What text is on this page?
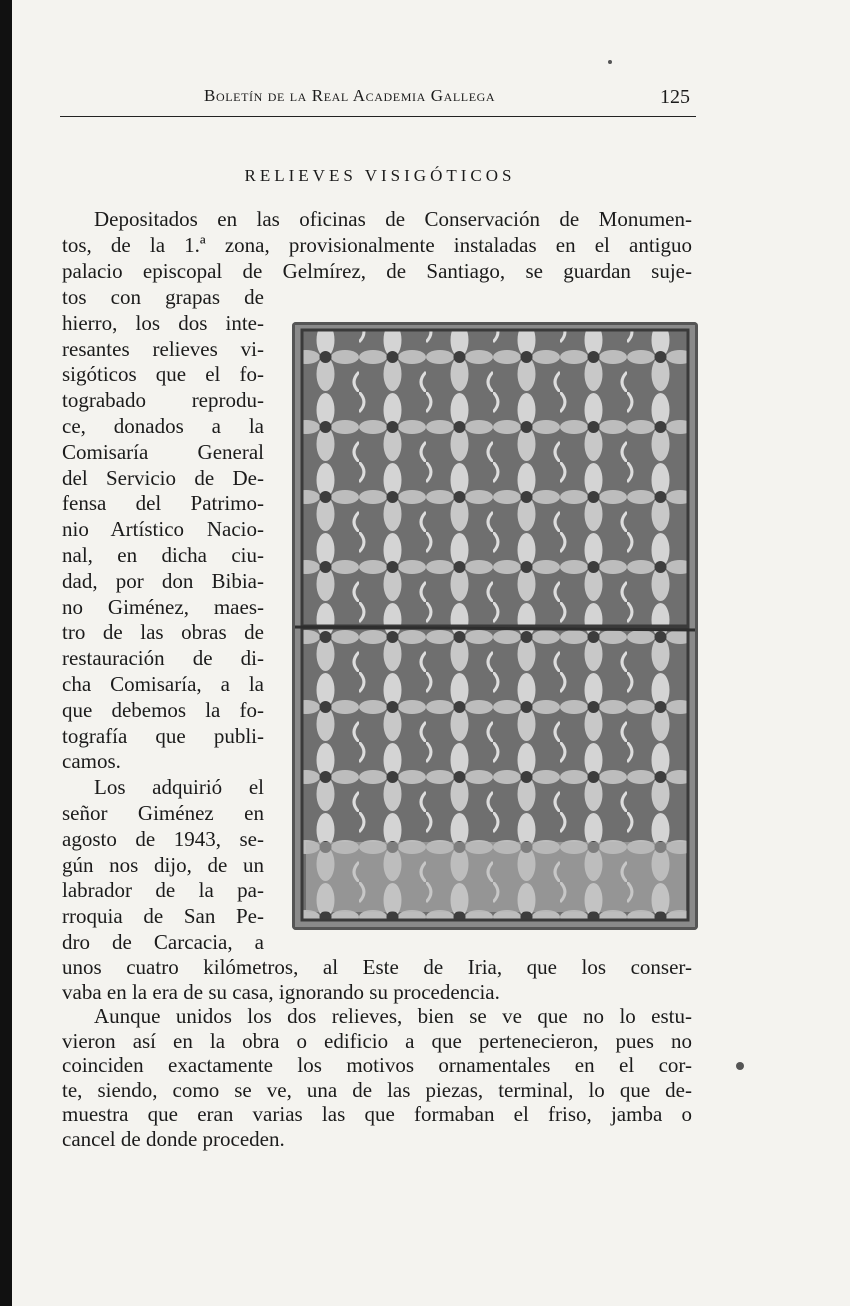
Boletín de la Real Academia Gallega	125
RELIEVES VISIGÓTICOS
Depositados en las oficinas de Conservación de Monumen-
tos, de la 1.ª zona, provisionalmente instaladas en el antiguo
palacio episcopal de Gelmírez, de Santiago, se guardan suje-
tos con grapas de
hierro, los dos inte-
resantes relieves vi-
sigóticos que el fo-
tograbado reprodu-
ce, donados a la
Comisaría General
del Servicio de De-
fensa del Patrimo-
nio Artístico Nacio-
nal, en dicha ciu-
dad, por don Bibia-
no Giménez, maes-
tro de las obras de
restauración de di-
cha Comisaría, a la
que debemos la fo-
tografía que publi-
camos.
Los adquirió el
señor Giménez en
agosto de 1943, se-
gún nos dijo, de un
labrador de la pa-
rroquia de San Pe-
dro de Carcacia, a
unos cuatro kilómetros, al Este de Iria, que los conser-
vaba en la era de su casa, ignorando su procedencia.
Aunque unidos los dos relieves, bien se ve que no lo estu-
vieron así en la obra o edificio a que pertenecieron, pues no
coinciden exactamente los motivos ornamentales en el cor-
te, siendo, como se ve, una de las piezas, terminal, lo que de-
muestra que eran varias las que formaban el friso, jamba o
cancel de donde proceden.
